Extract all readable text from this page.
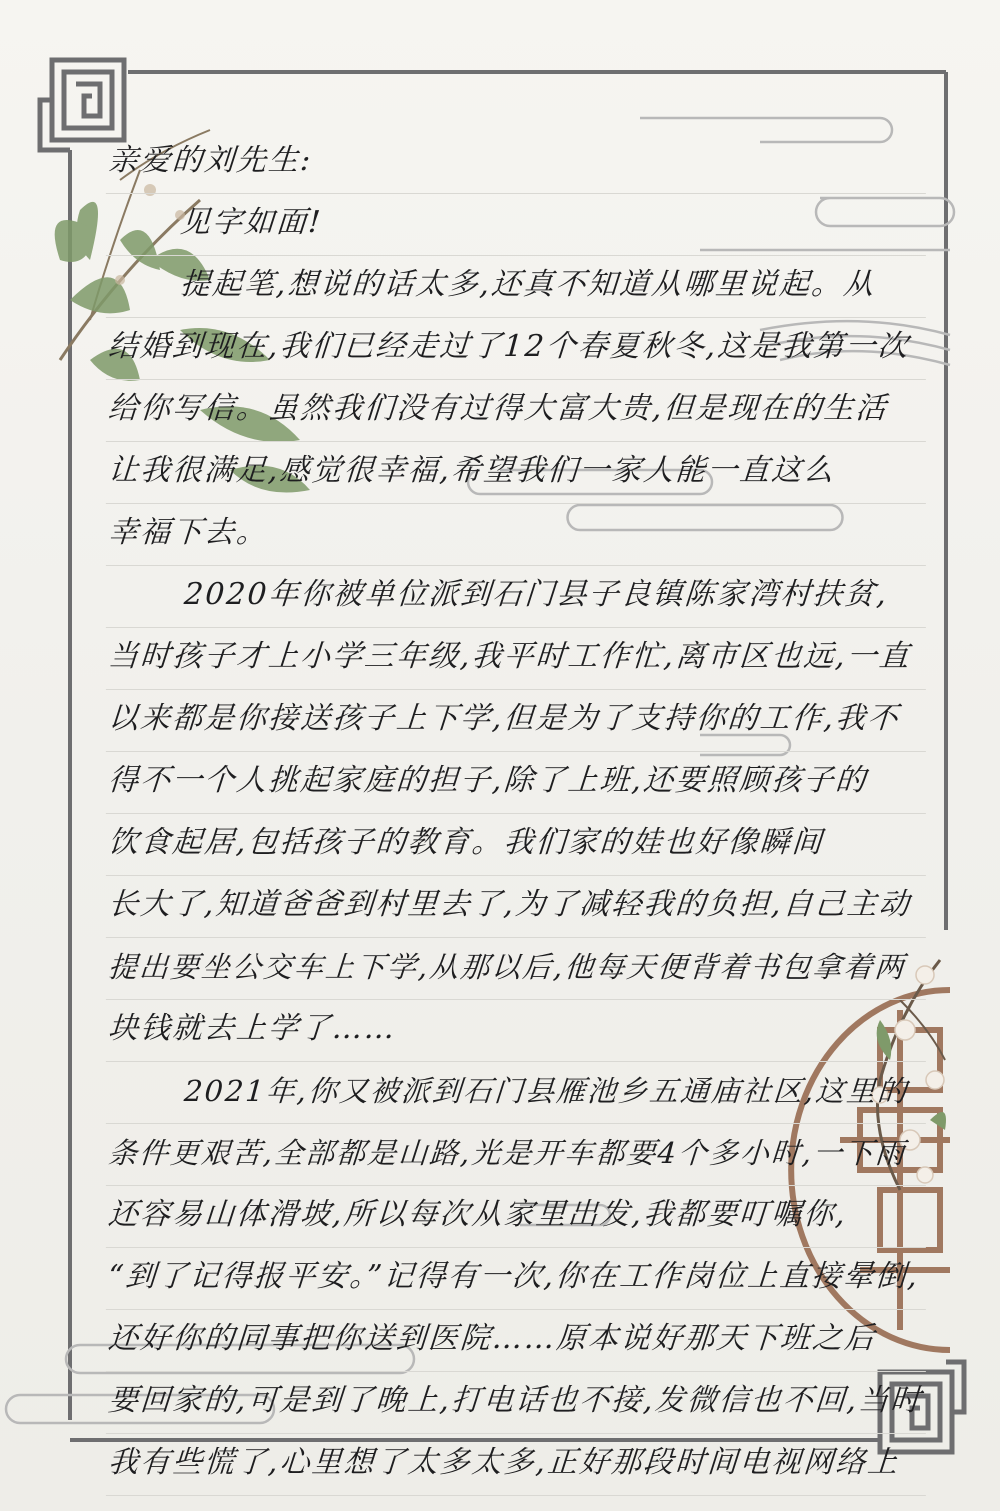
亲爱的刘先生:
见字如面!
提起笔,想说的话太多,还真不知道从哪里说起。从
结婚到现在,我们已经走过了12个春夏秋冬,这是我第一次
给你写信。虽然我们没有过得大富大贵,但是现在的生活
让我很满足,感觉很幸福,希望我们一家人能一直这么
幸福下去。
2020年你被单位派到石门县子良镇陈家湾村扶贫,
当时孩子才上小学三年级,我平时工作忙,离市区也远,一直
以来都是你接送孩子上下学,但是为了支持你的工作,我不
得不一个人挑起家庭的担子,除了上班,还要照顾孩子的
饮食起居,包括孩子的教育。我们家的娃也好像瞬间
长大了,知道爸爸到村里去了,为了减轻我的负担,自己主动
提出要坐公交车上下学,从那以后,他每天便背着书包拿着两
块钱就去上学了……
2021年,你又被派到石门县雁池乡五通庙社区,这里的
条件更艰苦,全部都是山路,光是开车都要4个多小时,一下雨
还容易山体滑坡,所以每次从家里出发,我都要叮嘱你,
“到了记得报平安。”记得有一次,你在工作岗位上直接晕倒,
还好你的同事把你送到医院……原本说好那天下班之后
要回家的,可是到了晚上,打电话也不接,发微信也不回,当时
我有些慌了,心里想了太多太多,正好那段时间电视网络上
